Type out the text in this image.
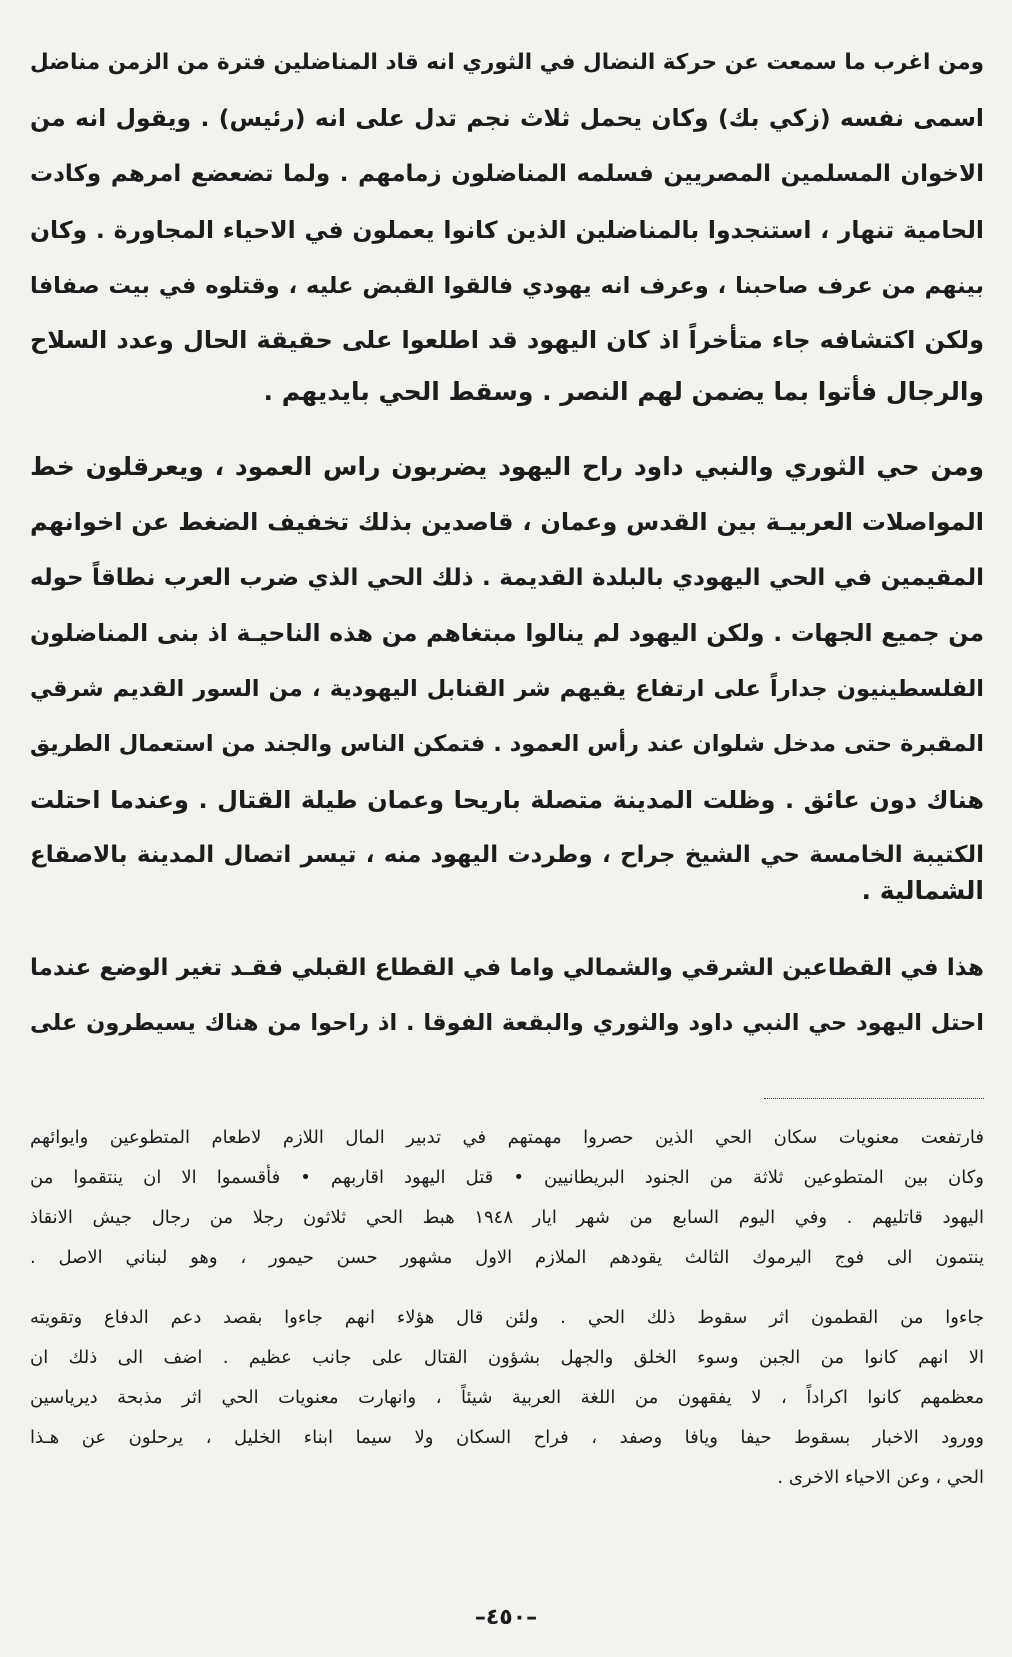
ومن اغرب ما سمعت عن حركة النضال في الثوري انه قاد المناضلين فترة من الزمن مناضل
اسمى نفسه (زكي بك) وكان يحمل ثلاث نجم تدل على انه (رئيس) . ويقول انه من
الاخوان المسلمين المصريين فسلمه المناضلون زمامهم . ولما تضعضع امرهم وكادت
الحامية تنهار ، استنجدوا بالمناضلين الذين كانوا يعملون في الاحياء المجاورة . وكان
بينهم من عرف صاحبنا ، وعرف انه يهودي فالقوا القبض عليه ، وقتلوه في بيت صفافا
ولكن اكتشافه جاء متأخراً اذ كان اليهود قد اطلعوا على حقيقة الحال وعدد السلاح
والرجال فأتوا بما يضمن لهم النصر . وسقط الحي بايديهم .
ومن حي الثوري والنبي داود راح اليهود يضربون راس العمود ، ويعرقلون خط
المواصلات العربيـة بين القدس وعمان ، قاصدين بذلك تخفيف الضغط عن اخوانهم
المقيمين في الحي اليهودي بالبلدة القديمة . ذلك الحي الذي ضرب العرب نطاقاً حوله
من جميع الجهات . ولكن اليهود لم ينالوا مبتغاهم من هذه الناحيـة اذ بنى المناضلون
الفلسطينيون جداراً على ارتفاع يقيهم شر القنابل اليهودية ، من السور القديم شرقي
المقبرة حتى مدخل شلوان عند رأس العمود . فتمكن الناس والجند من استعمال الطريق
هناك دون عائق . وظلت المدينة متصلة باريحا وعمان طيلة القتال . وعندما احتلت
الكتيبة الخامسة حي الشيخ جراح ، وطردت اليهود منه ، تيسر اتصال المدينة بالاصقاع
الشمالية .
هذا في القطاعين الشرقي والشمالي واما في القطاع القبلي فقـد تغير الوضع عندما
احتل اليهود حي النبي داود والثوري والبقعة الفوقا . اذ راحوا من هناك يسيطرون على
فارتفعت معنويات سكان الحي الذين حصروا مهمتهم في تدبير المال اللازم لاطعام المتطوعين وايوائهم
وكان بين المتطوعين ثلاثة من الجنود البريطانيين • قتل اليهود اقاربهم • فأقسموا الا ان ينتقموا من
اليهود قاتليهم . وفي اليوم السابع من شهر ايار ١٩٤٨ هبط الحي ثلاثون رجلا من رجال جيش الانقاذ
ينتمون الى فوج اليرموك الثالث يقودهم الملازم الاول مشهور حسن حيمور ، وهو لبناني الاصل .
جاءوا من القطمون اثر سقوط ذلك الحي . ولئن قال هؤلاء انهم جاءوا بقصد دعم الدفاع وتقويته
الا انهم كانوا من الجبن وسوء الخلق والجهل بشؤون القتال على جانب عظيم . اضف الى ذلك ان
معظمهم كانوا اكراداً ، لا يفقهون من اللغة العربية شيئاً ، وانهارت معنويات الحي اثر مذبحة ديرياسين
وورود الاخبار بسقوط حيفا ويافا وصفد ، فراح السكان ولا سيما ابناء الخليل ، يرحلون عن هـذا
الحي ، وعن الاحياء الاخرى .
–٤٥٠–
